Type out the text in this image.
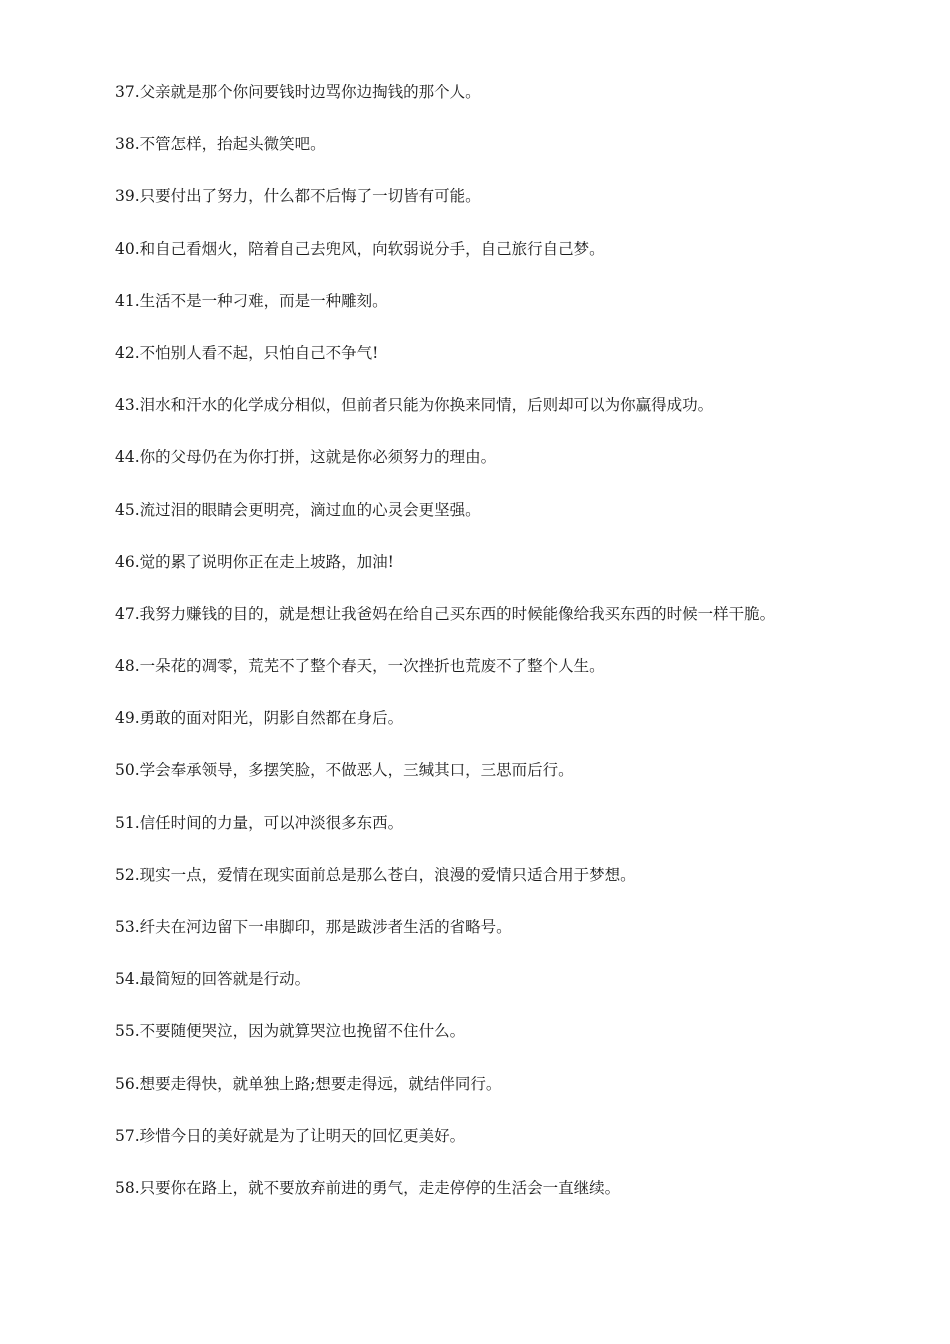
37.父亲就是那个你问要钱时边骂你边掏钱的那个人。

38.不管怎样，抬起头微笑吧。

39.只要付出了努力，什么都不后悔了一切皆有可能。

40.和自己看烟火，陪着自己去兜风，向软弱说分手，自己旅行自己梦。

41.生活不是一种刁难，而是一种雕刻。

42.不怕别人看不起，只怕自己不争气!

43.泪水和汗水的化学成分相似，但前者只能为你换来同情，后则却可以为你赢得成功。

44.你的父母仍在为你打拼，这就是你必须努力的理由。

45.流过泪的眼睛会更明亮，滴过血的心灵会更坚强。

46.觉的累了说明你正在走上坡路，加油!

47.我努力赚钱的目的，就是想让我爸妈在给自己买东西的时候能像给我买东西的时候一样干脆。

48.一朵花的凋零，荒芜不了整个春天，一次挫折也荒废不了整个人生。

49.勇敢的面对阳光，阴影自然都在身后。

50.学会奉承领导，多摆笑脸，不做恶人，三缄其口，三思而后行。

51.信任时间的力量，可以冲淡很多东西。

52.现实一点，爱情在现实面前总是那么苍白，浪漫的爱情只适合用于梦想。

53.纤夫在河边留下一串脚印，那是跋涉者生活的省略号。

54.最简短的回答就是行动。

55.不要随便哭泣，因为就算哭泣也挽留不住什么。

56.想要走得快，就单独上路;想要走得远，就结伴同行。

57.珍惜今日的美好就是为了让明天的回忆更美好。

58.只要你在路上，就不要放弃前进的勇气，走走停停的生活会一直继续。
